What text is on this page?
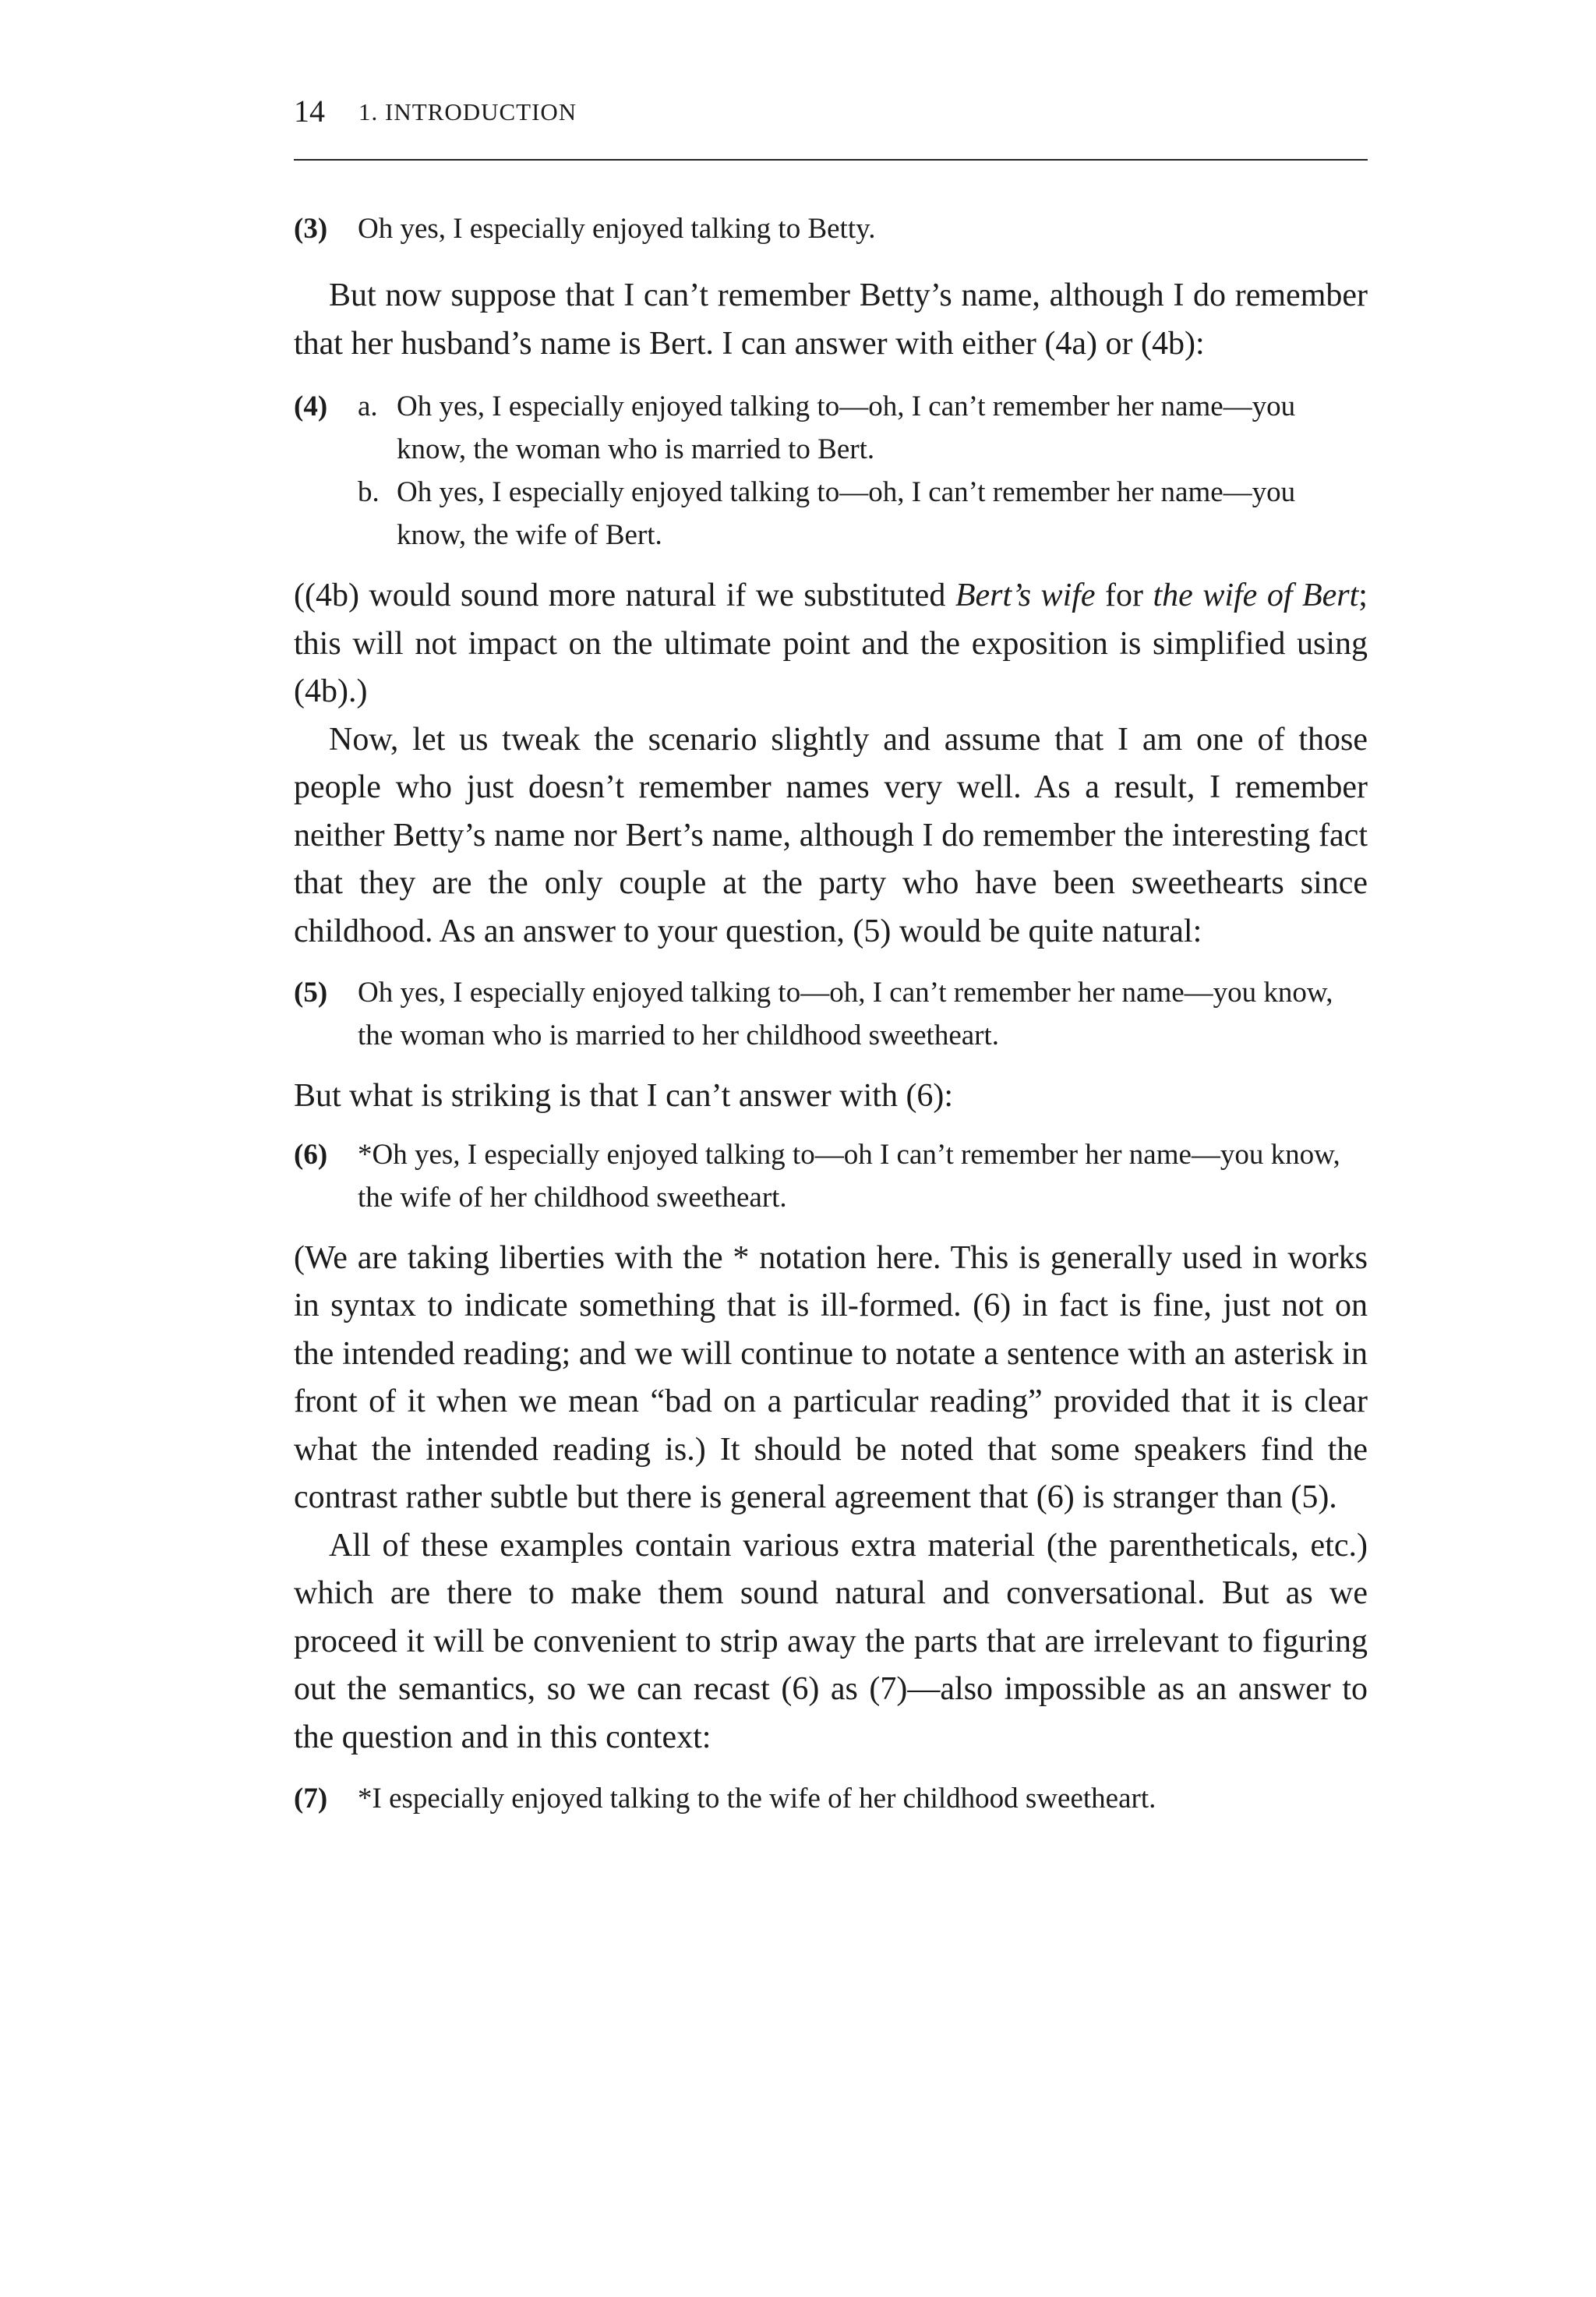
14 1. INTRODUCTION
(3)	Oh yes, I especially enjoyed talking to Betty.

But now suppose that I can’t remember Betty’s name, although I do remember that her husband’s name is Bert. I can answer with either (4a) or (4b):

(4)	a. Oh yes, I especially enjoyed talking to—oh, I can’t remember her name—you know, the woman who is married to Bert.
b. Oh yes, I especially enjoyed talking to—oh, I can’t remember her name—you know, the wife of Bert.

((4b) would sound more natural if we substituted Bert’s wife for the wife of Bert; this will not impact on the ultimate point and the exposition is simplified using (4b).)

Now, let us tweak the scenario slightly and assume that I am one of those people who just doesn’t remember names very well. As a result, I remember neither Betty’s name nor Bert’s name, although I do remember the interesting fact that they are the only couple at the party who have been sweethearts since childhood. As an answer to your question, (5) would be quite natural:

(5)	Oh yes, I especially enjoyed talking to—oh, I can’t remember her name—you know, the woman who is married to her childhood sweetheart.

But what is striking is that I can’t answer with (6):

(6)	*Oh yes, I especially enjoyed talking to—oh I can’t remember her name—you know, the wife of her childhood sweetheart.

(We are taking liberties with the * notation here. This is generally used in works in syntax to indicate something that is ill-formed. (6) in fact is fine, just not on the intended reading; and we will continue to notate a sentence with an asterisk in front of it when we mean “bad on a particular reading” provided that it is clear what the intended reading is.) It should be noted that some speakers find the contrast rather subtle but there is general agreement that (6) is stranger than (5).

All of these examples contain various extra material (the parentheticals, etc.) which are there to make them sound natural and conversational. But as we proceed it will be convenient to strip away the parts that are irrelevant to figuring out the semantics, so we can recast (6) as (7)—also impossible as an answer to the question and in this context:

(7)	*I especially enjoyed talking to the wife of her childhood sweetheart.
